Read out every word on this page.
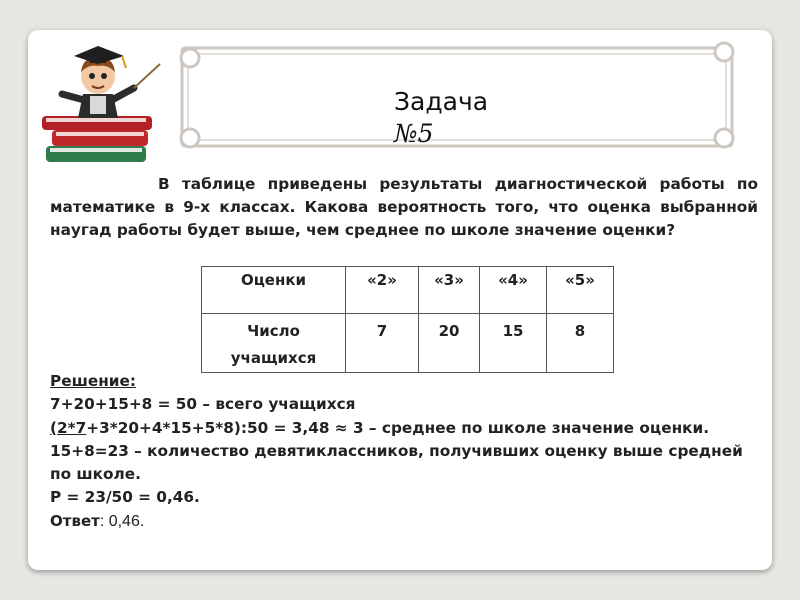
Задача
№5
В таблице приведены результаты диагностической работы по математике в 9-х классах. Какова вероятность того, что оценка выбранной наугад работы будет выше, чем среднее по школе значение оценки?
Оценки	«2»	«3»	«4»	«5»

Число
учащихся	7	20	15	8
Решение:
7+20+15+8 = 50 – всего учащихся
(2*7+3*20+4*15+5*8):50 = 3,48 ≈ 3 – среднее по школе значение оценки.
15+8=23 – количество девятиклассников, получивших оценку выше средней по школе.
Р = 23/50 = 0,46.
Ответ: 0,46.
